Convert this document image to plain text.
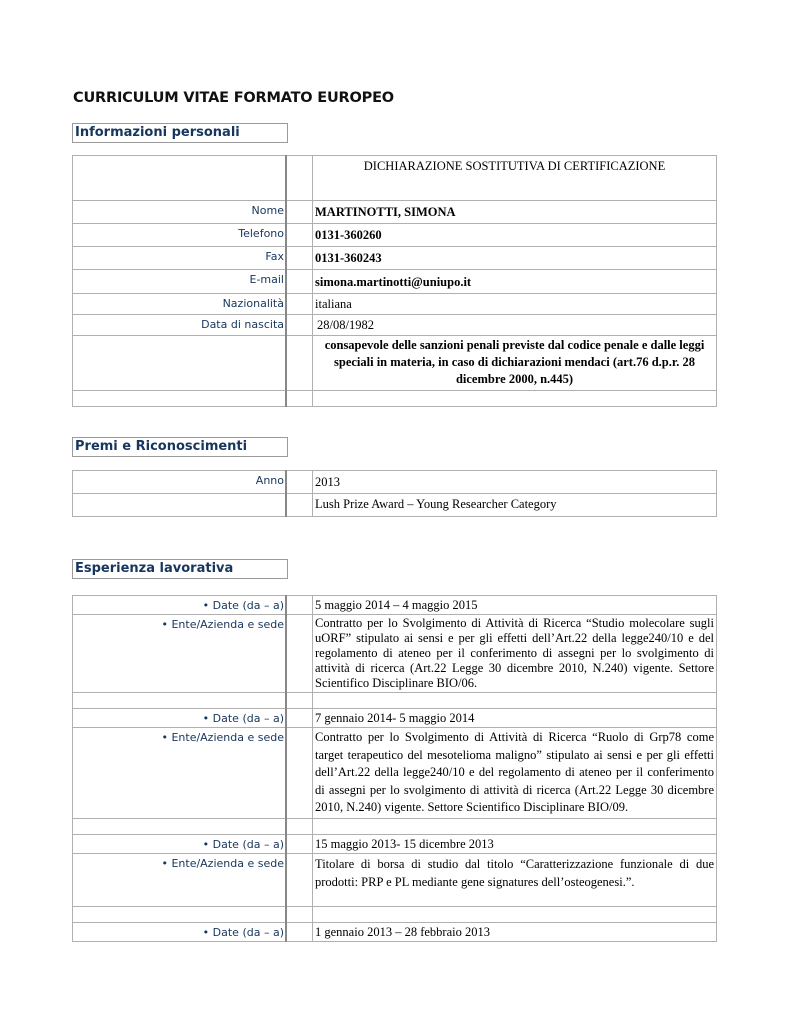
CURRICULUM VITAE FORMATO EUROPEO
Informazioni personali
		DICHIARAZIONE SOSTITUTIVA DI CERTIFICAZIONE
Nome		MARTINOTTI, SIMONA
Telefono		0131-360260
Fax		0131-360243
E-mail		simona.martinotti@uniupo.it
Nazionalità		italiana
Data di nascita		28/08/1982
		consapevole delle sanzioni penali previste dal codice penale e dalle leggi speciali in materia, in caso di dichiarazioni mendaci (art.76 d.p.r. 28 dicembre 2000, n.445)

Premi e Riconoscimenti
Anno		2013
		Lush Prize Award – Young Researcher Category
Esperienza lavorativa
• Date (da – a)		5 maggio 2014 – 4 maggio 2015
• Ente/Azienda e sede		Contratto per lo Svolgimento di Attività di Ricerca “Studio molecolare sugli uORF” stipulato ai sensi e per gli effetti dell’Art.22 della legge240/10 e del regolamento di ateneo per il conferimento di assegni per lo svolgimento di attività di ricerca (Art.22 Legge 30 dicembre 2010, N.240) vigente. Settore Scientifico Disciplinare BIO/06.

• Date (da – a)		7 gennaio 2014- 5 maggio 2014
• Ente/Azienda e sede		Contratto per lo Svolgimento di Attività di Ricerca “Ruolo di Grp78 come target terapeutico del mesotelioma maligno” stipulato ai sensi e per gli effetti dell’Art.22 della legge240/10 e del regolamento di ateneo per il conferimento di assegni per lo svolgimento di attività di ricerca (Art.22 Legge 30 dicembre 2010, N.240) vigente. Settore Scientifico Disciplinare BIO/09.

• Date (da – a)		15 maggio 2013- 15 dicembre 2013
• Ente/Azienda e sede		Titolare di borsa di studio dal titolo “Caratterizzazione funzionale di due prodotti: PRP e PL mediante gene signatures dell’osteogenesi.”.

• Date (da – a)		1 gennaio 2013 – 28 febbraio 2013
